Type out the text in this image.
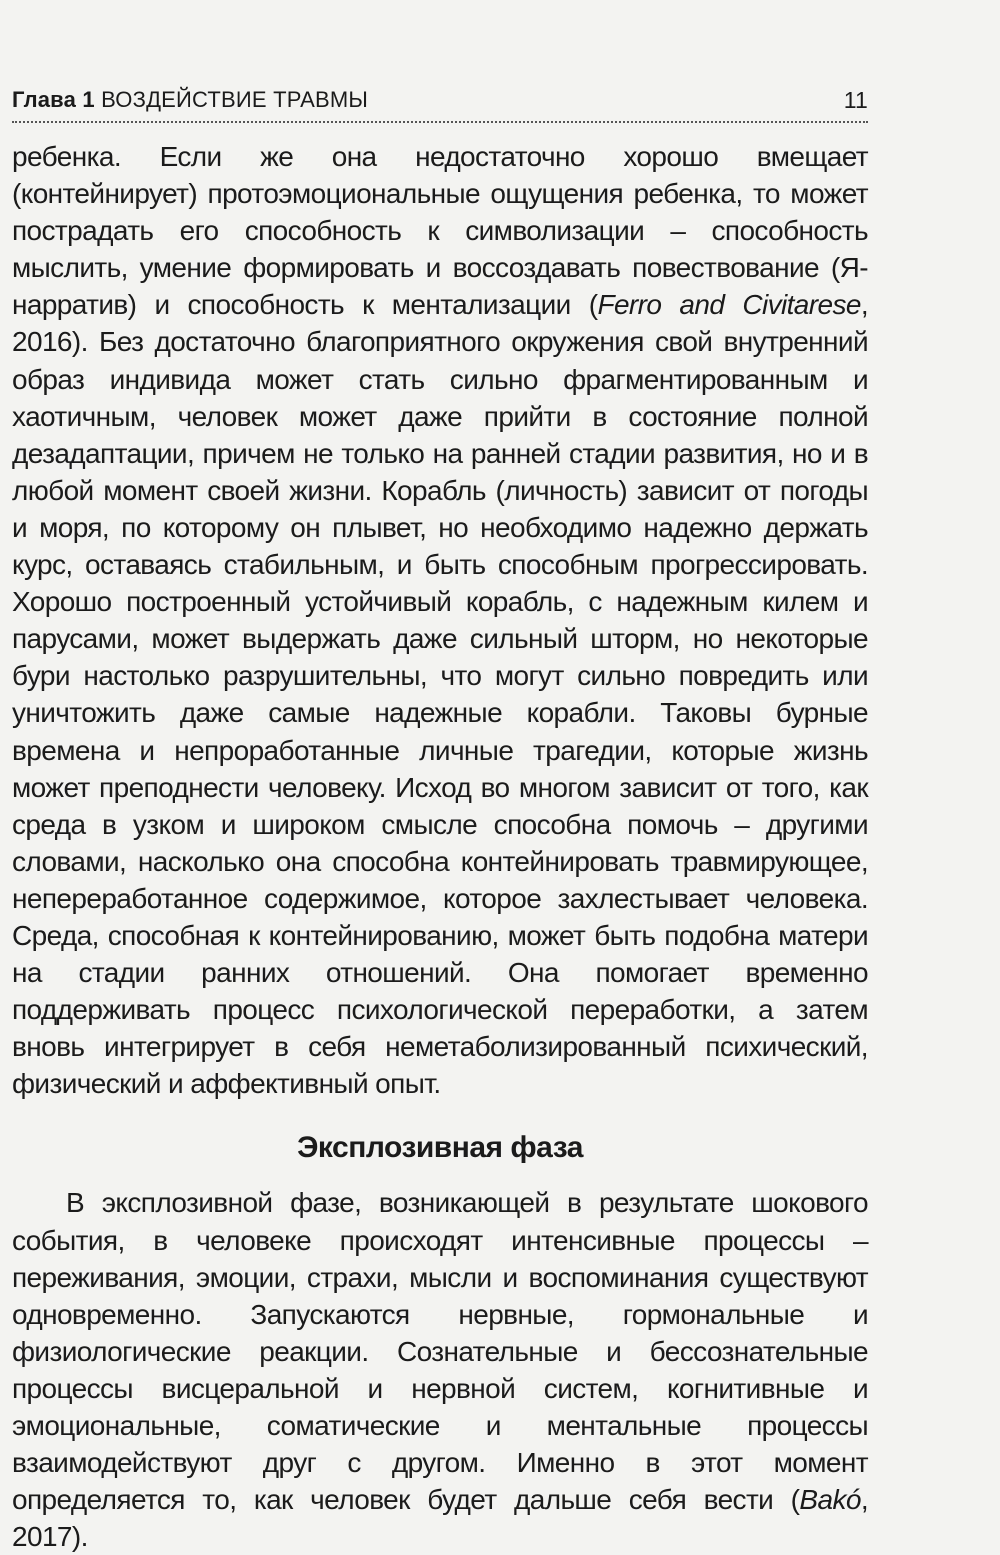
Глава 1 ВОЗДЕЙСТВИЕ ТРАВМЫ	11

ребенка. Если же она недостаточно хорошо вмещает (контейнирует) протоэмоциональные ощущения ребенка, то может пострадать его способность к символизации – способность мыслить, умение формировать и воссоздавать повествование (Я-нарратив) и способность к ментализации (Ferro and Civitarese, 2016). Без достаточно благоприятного окружения свой внутренний образ индивида может стать сильно фрагментированным и хаотичным, человек может даже прийти в состояние полной дезадаптации, причем не только на ранней стадии развития, но и в любой момент своей жизни. Корабль (личность) зависит от погоды и моря, по которому он плывет, но необходимо надежно держать курс, оставаясь стабильным, и быть способным прогрессировать. Хорошо построенный устойчивый корабль, с надежным килем и парусами, может выдержать даже сильный шторм, но некоторые бури настолько разрушительны, что могут сильно повредить или уничтожить даже самые надежные корабли. Таковы бурные времена и непроработанные личные трагедии, которые жизнь может преподнести человеку. Исход во многом зависит от того, как среда в узком и широком смысле способна помочь – другими словами, насколько она способна контейнировать травмирующее, непереработанное содержимое, которое захлестывает человека. Среда, способная к контейнированию, может быть подобна матери на стадии ранних отношений. Она помогает временно поддерживать процесс психологической переработки, а затем вновь интегрирует в себя неметаболизированный психический, физический и аффективный опыт.

Эксплозивная фаза

В эксплозивной фазе, возникающей в результате шокового события, в человеке происходят интенсивные процессы – переживания, эмоции, страхи, мысли и воспоминания существуют одновременно. Запускаются нервные, гормональные и физиологические реакции. Сознательные и бессознательные процессы висцеральной и нервной систем, когнитивные и эмоциональные, соматические и ментальные процессы взаимодействуют друг с другом. Именно в этот момент определяется то, как человек будет дальше себя вести (Bakó, 2017).
